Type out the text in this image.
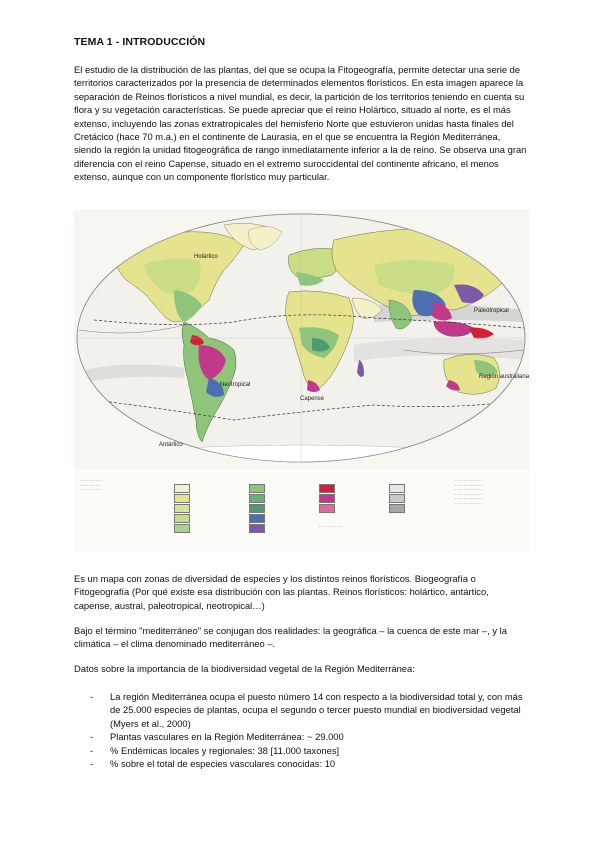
TEMA 1 - INTRODUCCIÓN

El estudio de la distribución de las plantas, del que se ocupa la Fitogeografía, permite detectar una serie de territorios caracterizados por la presencia de determinados elementos florísticos. En esta imagen aparece la separación de Reinos florísticos a nivel mundial, es decir, la partición de los territorios teniendo en cuenta su flora y su vegetación características. Se puede apreciar que el reino Holártico, situado al norte, es el más extenso, incluyendo las zonas extratropicales del hemisferio Norte que estuvieron unidas hasta finales del Cretácico (hace 70 m.a.) en el continente de Laurasia, en el que se encuentra la Región Mediterránea, siendo la región la unidad fitogeográfica de rango inmediatamente inferior a la de reino. Se observa una gran diferencia con el reino Capense, situado en el extremo suroccidental del continente africano, el menos extenso, aunque con un componente florístico muy particular.

Holártico
Paleotropical
Neotropical
Capense
Región australiana
Antártico
………………
………………
………………
- - - - - - - - - - -
……………………
……………………
……………………
……………………
……………………
……………………

Es un mapa con zonas de diversidad de especies y los distintos reinos florísticos. Biogeografía o Fitogeografía (Por qué existe esa distribución con las plantas. Reinos florísticos: holártico, antártico, capense, austral, paleotropical, neotropical…)

Bajo el término "mediterráneo" se conjugan dos realidades: la geográfica – la cuenca de este mar –, y la climática – el clima denominado mediterráneo –.

Datos sobre la importancia de la biodiversidad vegetal de la Región Mediterránea:

- La región Mediterránea ocupa el puesto número 14 con respecto a la biodiversidad total y, con más de 25.000 especies de plantas, ocupa el segundo o tercer puesto mundial en biodiversidad vegetal (Myers et al., 2000)
- Plantas vasculares en la Región Mediterránea: ~ 29.000
- % Endémicas locales y regionales: 38 [11.000 taxones]
- % sobre el total de especies vasculares conocidas: 10
